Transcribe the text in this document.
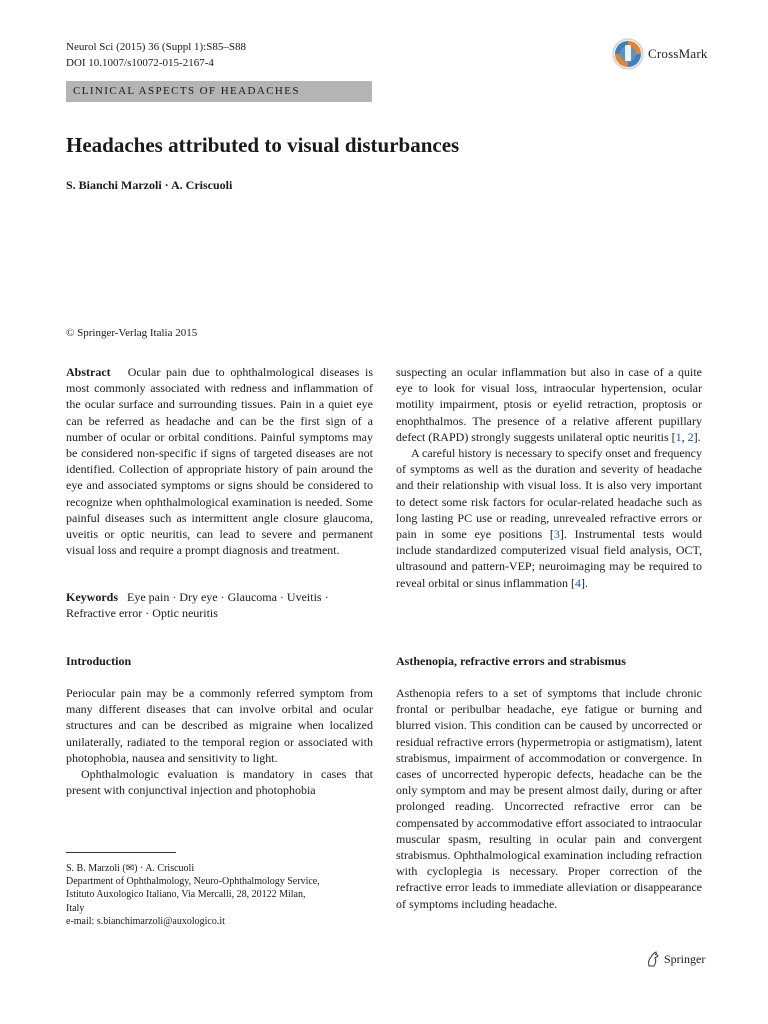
Neurol Sci (2015) 36 (Suppl 1):S85–S88
DOI 10.1007/s10072-015-2167-4
CrossMark
CLINICAL ASPECTS OF HEADACHES
Headaches attributed to visual disturbances
S. Bianchi Marzoli · A. Criscuoli
© Springer-Verlag Italia 2015

Abstract Ocular pain due to ophthalmological diseases is most commonly associated with redness and inflammation of the ocular surface and surrounding tissues. Pain in a quiet eye can be referred as headache and can be the first sign of a number of ocular or orbital conditions. Painful symptoms may be considered non-specific if signs of targeted diseases are not identified. Collection of appropriate history of pain around the eye and associated symptoms or signs should be considered to recognize when ophthalmological examination is needed. Some painful diseases such as intermittent angle closure glaucoma, uveitis or optic neuritis, can lead to severe and permanent visual loss and require a prompt diagnosis and treatment.

Keywords Eye pain · Dry eye · Glaucoma · Uveitis · Refractive error · Optic neuritis

Introduction

Periocular pain may be a commonly referred symptom from many different diseases that can involve orbital and ocular structures and can be described as migraine when localized unilaterally, radiated to the temporal region or associated with photophobia, nausea and sensitivity to light.

Ophthalmologic evaluation is mandatory in cases that present with conjunctival injection and photophobia

S. B. Marzoli (✉) · A. Criscuoli
Department of Ophthalmology, Neuro-Ophthalmology Service,
Istituto Auxologico Italiano, Via Mercalli, 28, 20122 Milan,
Italy
e-mail: s.bianchimarzoli@auxologico.it

suspecting an ocular inflammation but also in case of a quite eye to look for visual loss, intraocular hypertension, ocular motility impairment, ptosis or eyelid retraction, proptosis or enophthalmos. The presence of a relative afferent pupillary defect (RAPD) strongly suggests unilateral optic neuritis [1, 2].

A careful history is necessary to specify onset and frequency of symptoms as well as the duration and severity of headache and their relationship with visual loss. It is also very important to detect some risk factors for ocular-related headache such as long lasting PC use or reading, unrevealed refractive errors or pain in some eye positions [3]. Instrumental tests would include standardized computerized visual field analysis, OCT, ultrasound and pattern-VEP; neuroimaging may be required to reveal orbital or sinus inflammation [4].

Asthenopia, refractive errors and strabismus

Asthenopia refers to a set of symptoms that include chronic frontal or peribulbar headache, eye fatigue or burning and blurred vision. This condition can be caused by uncorrected or residual refractive errors (hypermetropia or astigmatism), latent strabismus, impairment of accommodation or convergence. In cases of uncorrected hyperopic defects, headache can be the only symptom and may be present almost daily, during or after prolonged reading. Uncorrected refractive error can be compensated by accommodative effort associated to intraocular muscular spasm, resulting in ocular pain and convergent strabismus. Ophthalmological examination including refraction with cycloplegia is necessary. Proper correction of the refractive error leads to immediate alleviation or disappearance of symptoms including headache.

Springer
